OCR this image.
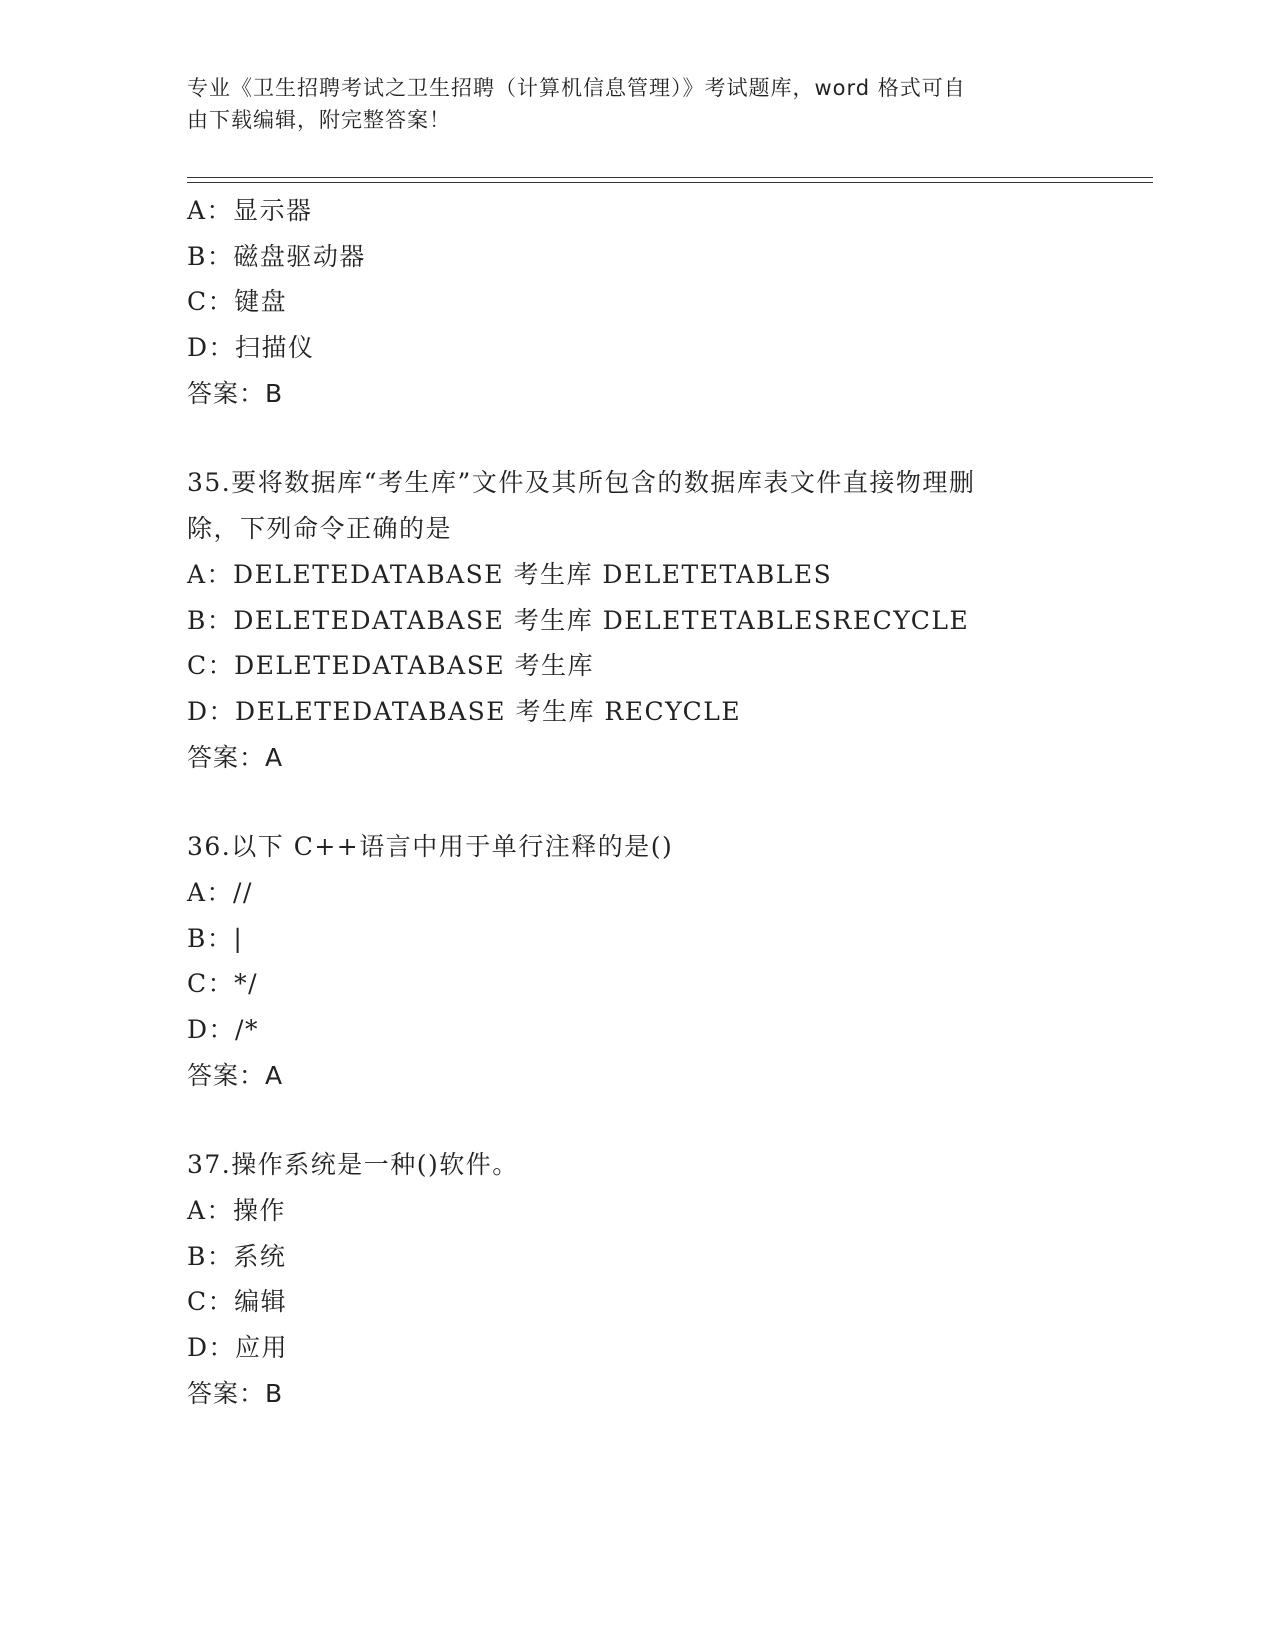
专业《卫生招聘考试之卫生招聘（计算机信息管理）》考试题库，word 格式可自
由下载编辑，附完整答案！
A：显示器
B：磁盘驱动器
C：键盘
D：扫描仪
答案：B
35.要将数据库“考生库”文件及其所包含的数据库表文件直接物理删
除，下列命令正确的是
A：DELETEDATABASE 考生库 DELETETABLES
B：DELETEDATABASE 考生库 DELETETABLESRECYCLE
C：DELETEDATABASE 考生库
D：DELETEDATABASE 考生库 RECYCLE
答案：A
36.以下 C++语言中用于单行注释的是()
A：//
B：|
C：*/
D：/*
答案：A
37.操作系统是一种()软件。
A：操作
B：系统
C：编辑
D：应用
答案：B
